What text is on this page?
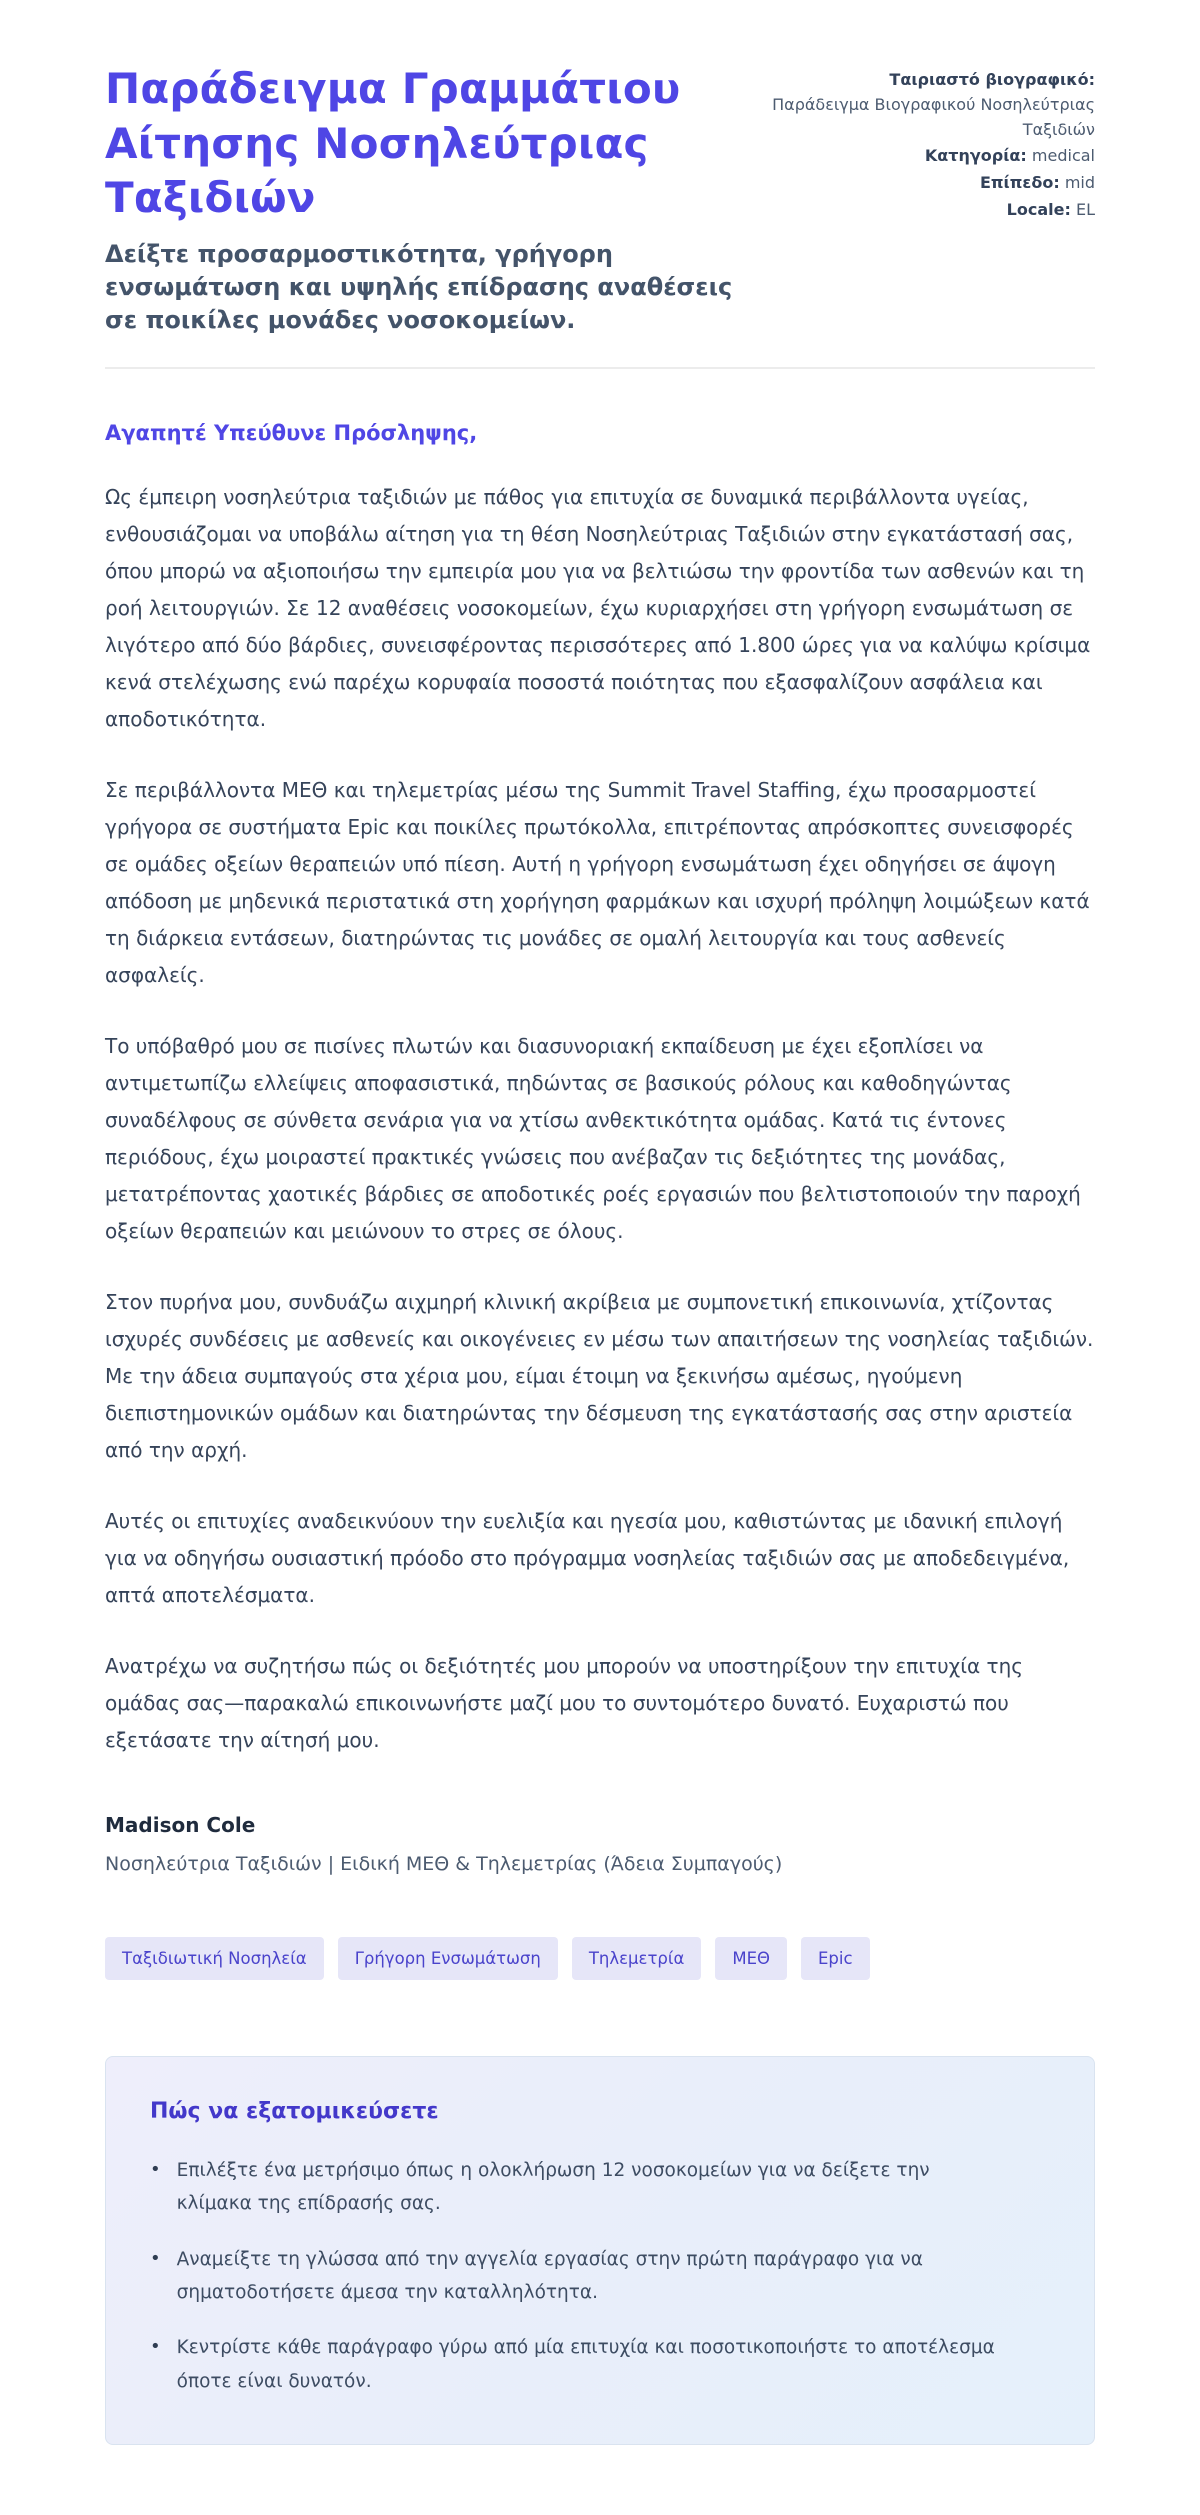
Παράδειγμα Γραμμάτιου Αίτησης Νοσηλεύτριας Ταξιδιών
Δείξτε προσαρμοστικότητα, γρήγορη ενσωμάτωση και υψηλής επίδρασης αναθέσεις σε ποικίλες μονάδες νοσοκομείων.
Ταιριαστό βιογραφικό:
Παράδειγμα Βιογραφικού Νοσηλεύτριας Ταξιδιών
Κατηγορία: medical
Επίπεδο: mid
Locale: EL
Αγαπητέ Υπεύθυνε Πρόσληψης,

Ως έμπειρη νοσηλεύτρια ταξιδιών με πάθος για επιτυχία σε δυναμικά περιβάλλοντα υγείας, ενθουσιάζομαι να υποβάλω αίτηση για τη θέση Νοσηλεύτριας Ταξιδιών στην εγκατάστασή σας, όπου μπορώ να αξιοποιήσω την εμπειρία μου για να βελτιώσω την φροντίδα των ασθενών και τη ροή λειτουργιών. Σε 12 αναθέσεις νοσοκομείων, έχω κυριαρχήσει στη γρήγορη ενσωμάτωση σε λιγότερο από δύο βάρδιες, συνεισφέροντας περισσότερες από 1.800 ώρες για να καλύψω κρίσιμα κενά στελέχωσης ενώ παρέχω κορυφαία ποσοστά ποιότητας που εξασφαλίζουν ασφάλεια και αποδοτικότητα.

Σε περιβάλλοντα ΜΕΘ και τηλεμετρίας μέσω της Summit Travel Staffing, έχω προσαρμοστεί γρήγορα σε συστήματα Epic και ποικίλες πρωτόκολλα, επιτρέποντας απρόσκοπτες συνεισφορές σε ομάδες οξείων θεραπειών υπό πίεση. Αυτή η γρήγορη ενσωμάτωση έχει οδηγήσει σε άψογη απόδοση με μηδενικά περιστατικά στη χορήγηση φαρμάκων και ισχυρή πρόληψη λοιμώξεων κατά τη διάρκεια εντάσεων, διατηρώντας τις μονάδες σε ομαλή λειτουργία και τους ασθενείς ασφαλείς.

Το υπόβαθρό μου σε πισίνες πλωτών και διασυνοριακή εκπαίδευση με έχει εξοπλίσει να αντιμετωπίζω ελλείψεις αποφασιστικά, πηδώντας σε βασικούς ρόλους και καθοδηγώντας συναδέλφους σε σύνθετα σενάρια για να χτίσω ανθεκτικότητα ομάδας. Κατά τις έντονες περιόδους, έχω μοιραστεί πρακτικές γνώσεις που ανέβαζαν τις δεξιότητες της μονάδας, μετατρέποντας χαοτικές βάρδιες σε αποδοτικές ροές εργασιών που βελτιστοποιούν την παροχή οξείων θεραπειών και μειώνουν το στρες σε όλους.

Στον πυρήνα μου, συνδυάζω αιχμηρή κλινική ακρίβεια με συμπονετική επικοινωνία, χτίζοντας ισχυρές συνδέσεις με ασθενείς και οικογένειες εν μέσω των απαιτήσεων της νοσηλείας ταξιδιών. Με την άδεια συμπαγούς στα χέρια μου, είμαι έτοιμη να ξεκινήσω αμέσως, ηγούμενη διεπιστημονικών ομάδων και διατηρώντας την δέσμευση της εγκατάστασής σας στην αριστεία από την αρχή.

Αυτές οι επιτυχίες αναδεικνύουν την ευελιξία και ηγεσία μου, καθιστώντας με ιδανική επιλογή για να οδηγήσω ουσιαστική πρόοδο στο πρόγραμμα νοσηλείας ταξιδιών σας με αποδεδειγμένα, απτά αποτελέσματα.

Ανατρέχω να συζητήσω πώς οι δεξιότητές μου μπορούν να υποστηρίξουν την επιτυχία της ομάδας σας—παρακαλώ επικοινωνήστε μαζί μου το συντομότερο δυνατό. Ευχαριστώ που εξετάσατε την αίτησή μου.

Madison Cole
Νοσηλεύτρια Ταξιδιών | Ειδική ΜΕΘ & Τηλεμετρίας (Άδεια Συμπαγούς)
Ταξιδιωτική Νοσηλεία	Γρήγορη Ενσωμάτωση	Τηλεμετρία	ΜΕΘ	Epic
Πώς να εξατομικεύσετε
• Επιλέξτε ένα μετρήσιμο όπως η ολοκλήρωση 12 νοσοκομείων για να δείξετε την κλίμακα της επίδρασής σας.
• Αναμείξτε τη γλώσσα από την αγγελία εργασίας στην πρώτη παράγραφο για να σηματοδοτήσετε άμεσα την καταλληλότητα.
• Κεντρίστε κάθε παράγραφο γύρω από μία επιτυχία και ποσοτικοποιήστε το αποτέλεσμα όποτε είναι δυνατόν.
